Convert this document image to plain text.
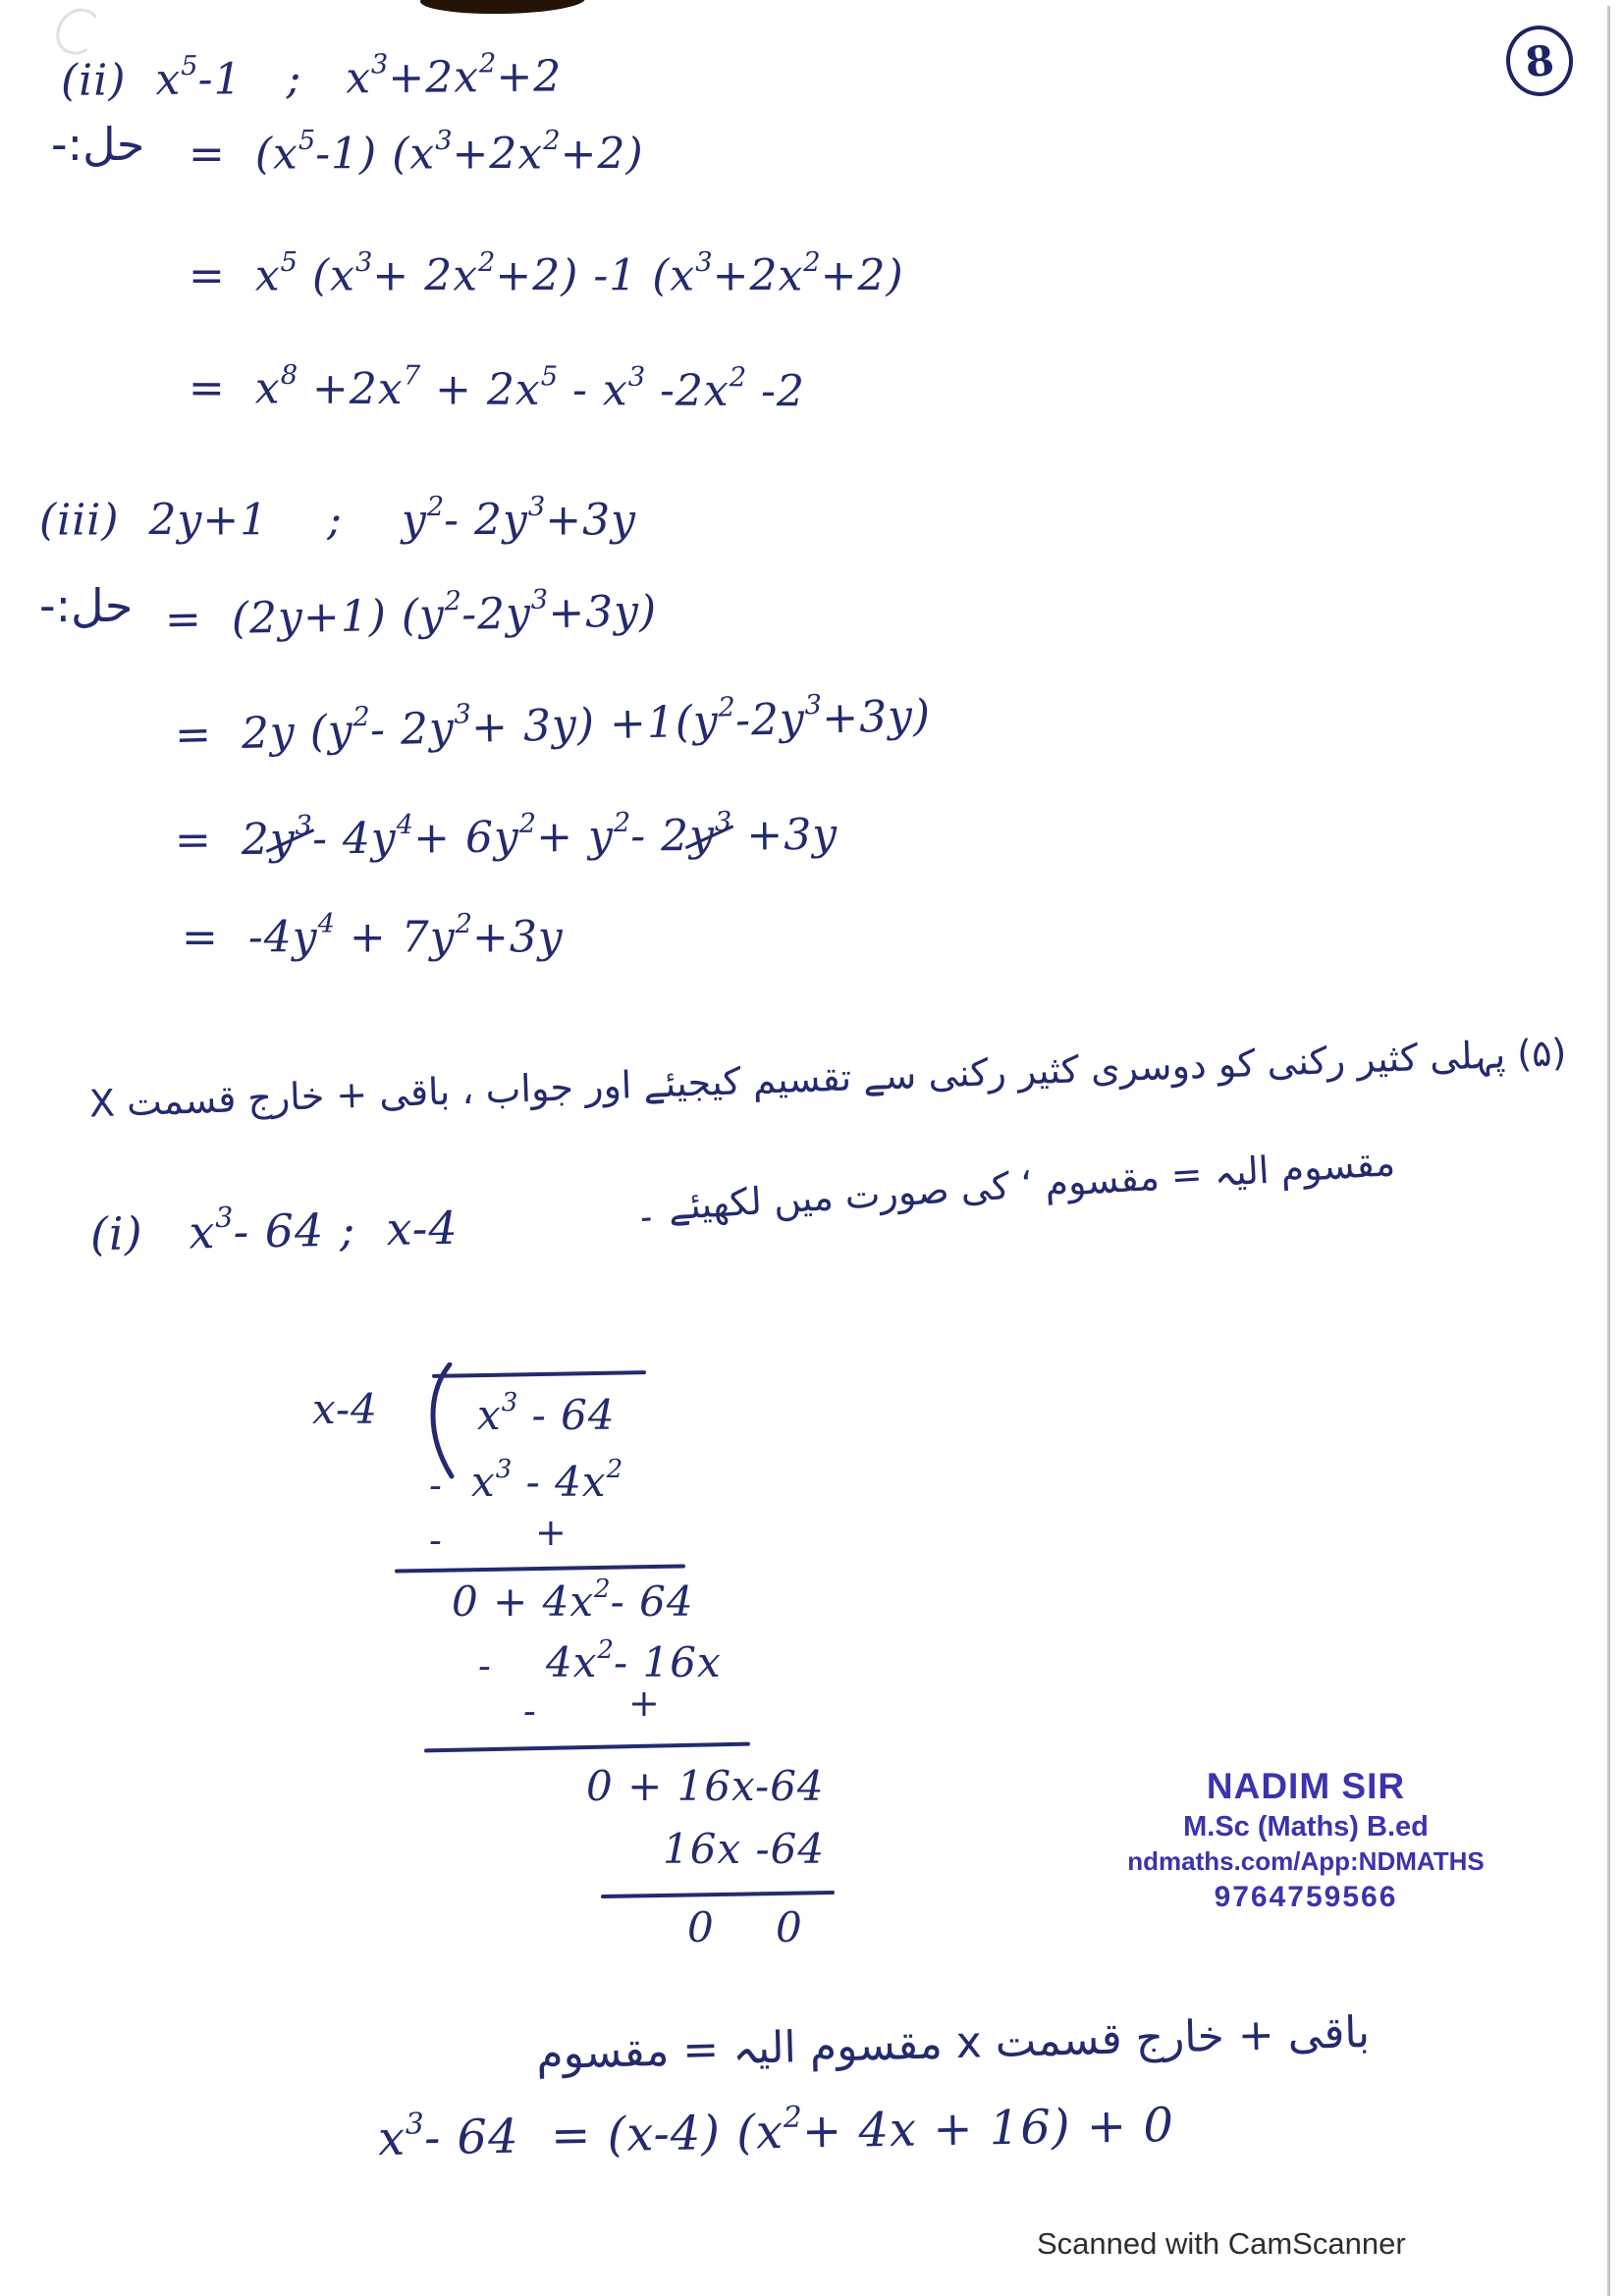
8
(ii)  $x^5-1$   ;   $x^3+2x^2+2$
حل:- =  $(x^5-1)$ $(x^3+2x^2+2)$
=  $x^5$ $(x^3+ 2x^2+2)$ -1 $(x^3+2x^2+2)$
=  $x^8 +2x^7 + 2x^5 - x^3$ $-2x^2$ -2
(iii)  2y+1    ;    $y^2-$ $2y^3+3y$
حل:- =  (2y+1) $(y^2-2y^3+3y)$
=  2y ($y^2-$ $2y^3+ 3y) +1(y^2-2y^3+3y)$
=  $2y^3-$ $4y^4+ 6y^2+ y^2-$ $2y^3 +3y$
=  $-4y^4 + 7y^2+3y$
(۵) پہلی کثیر رکنی کو دوسری کثیر رکنی سے تقسیم کیجیئے اور جواب ، باقی + خارج قسمت X
مقسوم الیہ = مقسوم ‘ کی صورت میں لکھیئے ۔
(i)   $x^3-$ 64 ;  x-4
x-4 $x^3 - 64$
- $x^3 - 4x^2$
- +
$0 + 4x^2-$ 64
- $4x^2-$ 16x
- +
0 + 16x-64
16x -64
0 0
NADIM SIR
M.Sc (Maths) B.ed
ndmaths.com/App:NDMATHS
9764759566
باقی + خارج قسمت x مقسوم الیہ = مقسوم
$x^3-$ 64  = (x-4) $(x^2+ 4x + 16) + 0$
Scanned with CamScanner
